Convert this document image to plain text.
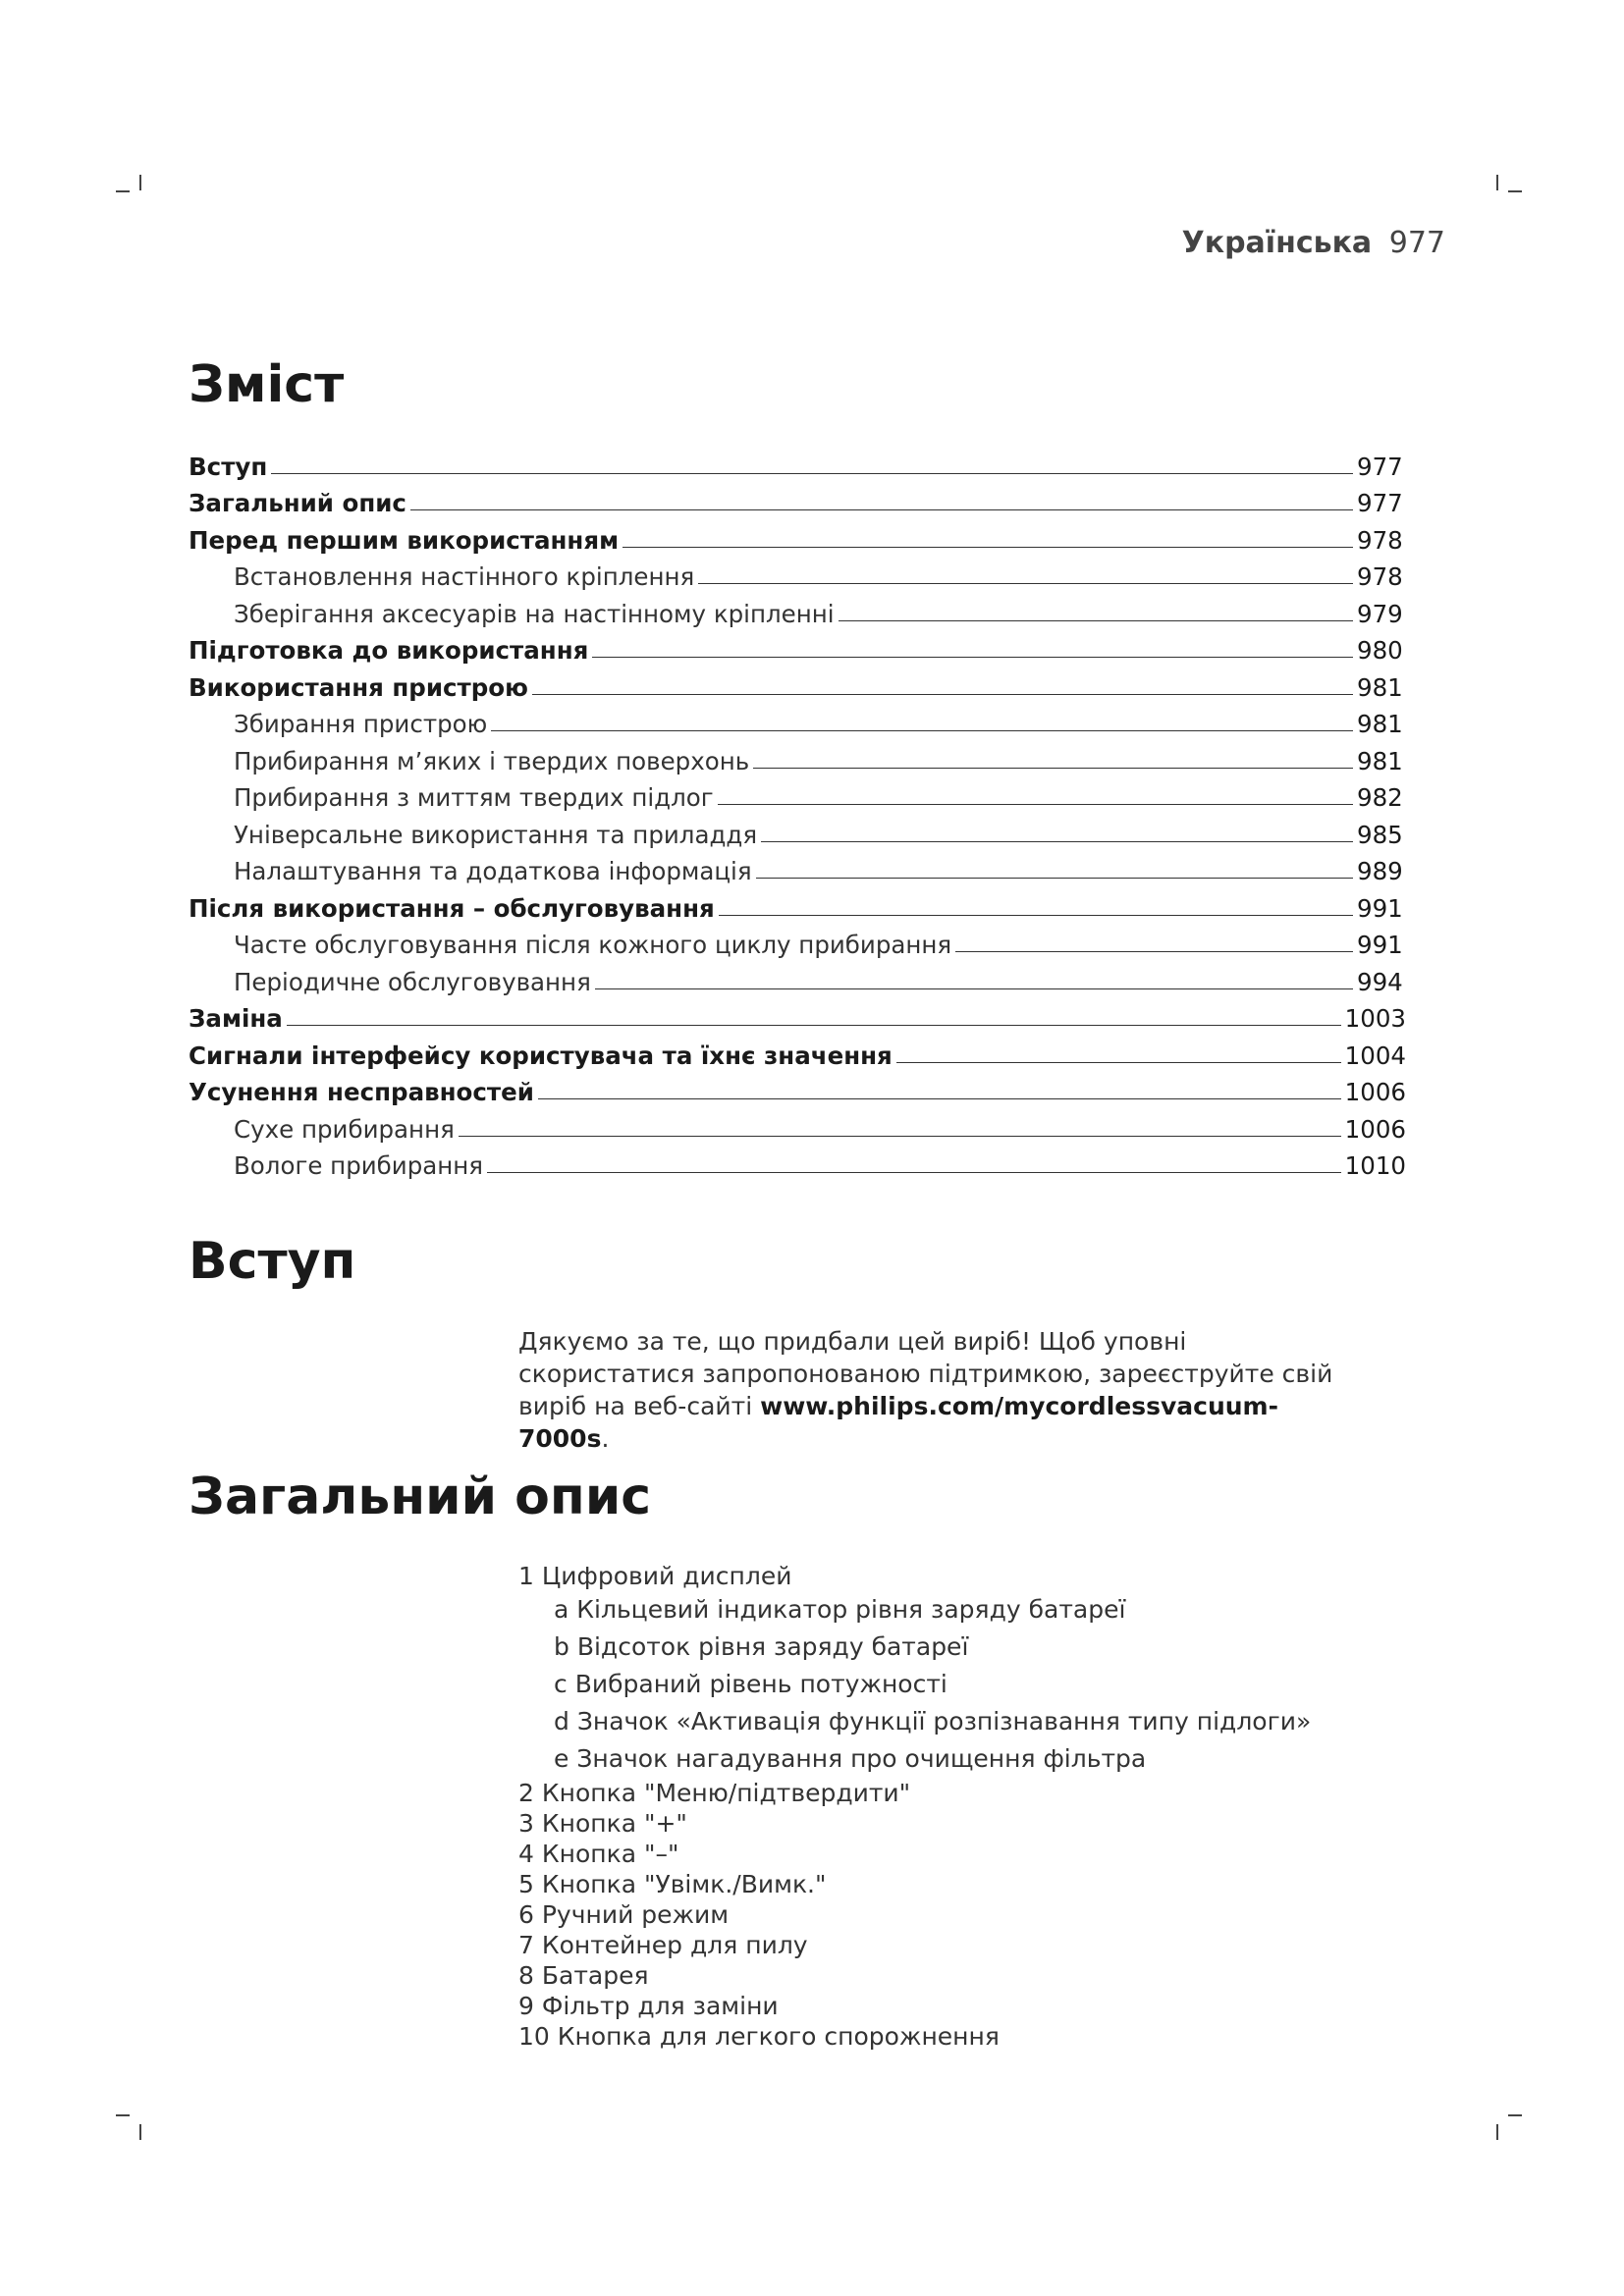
Українська 977
Зміст
Вступ	977
Загальний опис	977
Перед першим використанням	978
Встановлення настінного кріплення	978
Зберігання аксесуарів на настінному кріпленні	979
Підготовка до використання	980
Використання пристрою	981
Збирання пристрою	981
Прибирання м’яких і твердих поверхонь	981
Прибирання з миттям твердих підлог	982
Універсальне використання та приладдя	985
Налаштування та додаткова інформація	989
Після використання – обслуговування	991
Часте обслуговування після кожного циклу прибирання	991
Періодичне обслуговування	994
Заміна	1003
Сигнали інтерфейсу користувача та їхнє значення	1004
Усунення несправностей	1006
Сухе прибирання	1006
Вологе прибирання	1010
Вступ
Дякуємо за те, що придбали цей виріб! Щоб уповні скористатися запропонованою підтримкою, зареєструйте свій виріб на веб-сайті www.philips.com/mycordlessvacuum-7000s.
Загальний опис
1 Цифровий дисплей
a Кільцевий індикатор рівня заряду батареї
b Відсоток рівня заряду батареї
c Вибраний рівень потужності
d Значок «Активація функції розпізнавання типу підлоги»
e Значок нагадування про очищення фільтра
2 Кнопка "Меню/підтвердити"
3 Кнопка "+"
4 Кнопка "–"
5 Кнопка "Увімк./Вимк."
6 Ручний режим
7 Контейнер для пилу
8 Батарея
9 Фільтр для заміни
10 Кнопка для легкого спорожнення
